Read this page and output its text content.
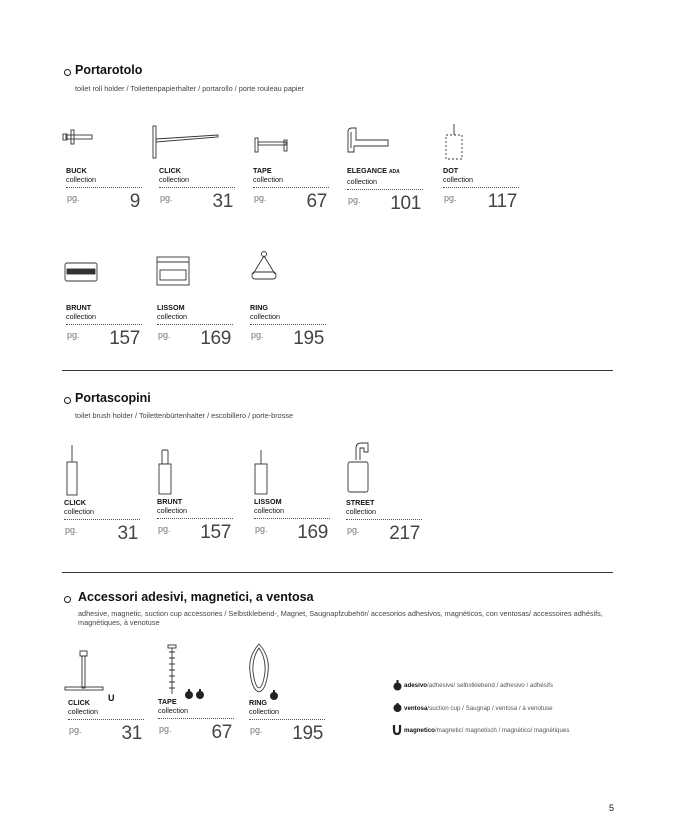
Portarotolo
toilet roll holder / Toilettenpapierhalter / portarollo / porte rouleau papier
BUCK
collection
pg.	9
CLICK
collection
pg. 31
TAPE
collection
pg. 67
ELEGANCE ADA
collection
pg. 101
DOT
collection
pg. 117
BRUNT
collection
pg. 157
LISSOM
collection
pg. 169
RING
collection
pg. 195
Portascopini
toilet brush holder / Toilettenbürtenhalter / escobillero / porte-brosse
CLICK
collection
pg. 31
BRUNT
collection
pg. 157
LISSOM
collection
pg. 169
STREET
collection
pg. 217
Accessori adesivi, magnetici, a ventosa
adhesive, magnetic, suction cup accessories / Selbstklebend-, Magnet, Saugnapfzubehör/ accesorios adhesivos, magnéticos, con ventosas/ accessoires adhésifs, magnétiques, à venotuse
U
CLICK
collection
pg. 31
TAPE
collection
pg. 67
RING
collection
pg. 195
adesivo/adhesive/ selbstklebend / adhesivo / adhésifs
ventosa/suction cup / Saugnap / ventosa / à venotuse
magnetico/magnetic/ magnetisch / magnético/ magnétiques
5
